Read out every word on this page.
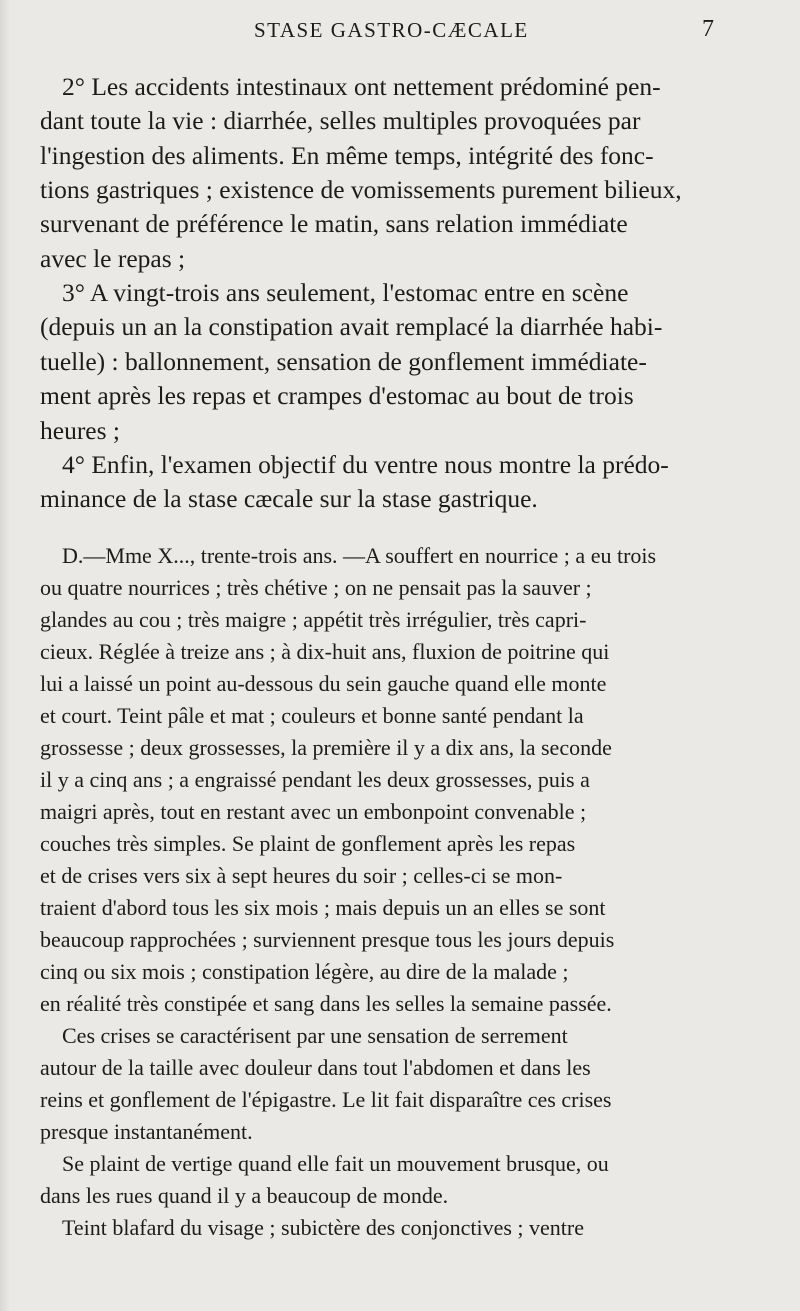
STASE GASTRO-CÆCALE	7
2° Les accidents intestinaux ont nettement prédominé pen-
dant toute la vie : diarrhée, selles multiples provoquées par
l'ingestion des aliments. En même temps, intégrité des fonc-
tions gastriques ; existence de vomissements purement bilieux,
survenant de préférence le matin, sans relation immédiate
avec le repas ;
3° A vingt-trois ans seulement, l'estomac entre en scène
(depuis un an la constipation avait remplacé la diarrhée habi-
tuelle) : ballonnement, sensation de gonflement immédiate-
ment après les repas et crampes d'estomac au bout de trois
heures ;
4° Enfin, l'examen objectif du ventre nous montre la prédo-
minance de la stase cæcale sur la stase gastrique.
D.—Mme X..., trente-trois ans. —A souffert en nourrice ; a eu trois
ou quatre nourrices ; très chétive ; on ne pensait pas la sauver ;
glandes au cou ; très maigre ; appétit très irrégulier, très capri-
cieux. Réglée à treize ans ; à dix-huit ans, fluxion de poitrine qui
lui a laissé un point au-dessous du sein gauche quand elle monte
et court. Teint pâle et mat ; couleurs et bonne santé pendant la
grossesse ; deux grossesses, la première il y a dix ans, la seconde
il y a cinq ans ; a engraissé pendant les deux grossesses, puis a
maigri après, tout en restant avec un embonpoint convenable ;
couches très simples. Se plaint de gonflement après les repas
et de crises vers six à sept heures du soir ; celles-ci se mon-
traient d'abord tous les six mois ; mais depuis un an elles se sont
beaucoup rapprochées ; surviennent presque tous les jours depuis
cinq ou six mois ; constipation légère, au dire de la malade ;
en réalité très constipée et sang dans les selles la semaine passée.
Ces crises se caractérisent par une sensation de serrement
autour de la taille avec douleur dans tout l'abdomen et dans les
reins et gonflement de l'épigastre. Le lit fait disparaître ces crises
presque instantanément.
Se plaint de vertige quand elle fait un mouvement brusque, ou
dans les rues quand il y a beaucoup de monde.
Teint blafard du visage ; subictère des conjonctives ; ventre
